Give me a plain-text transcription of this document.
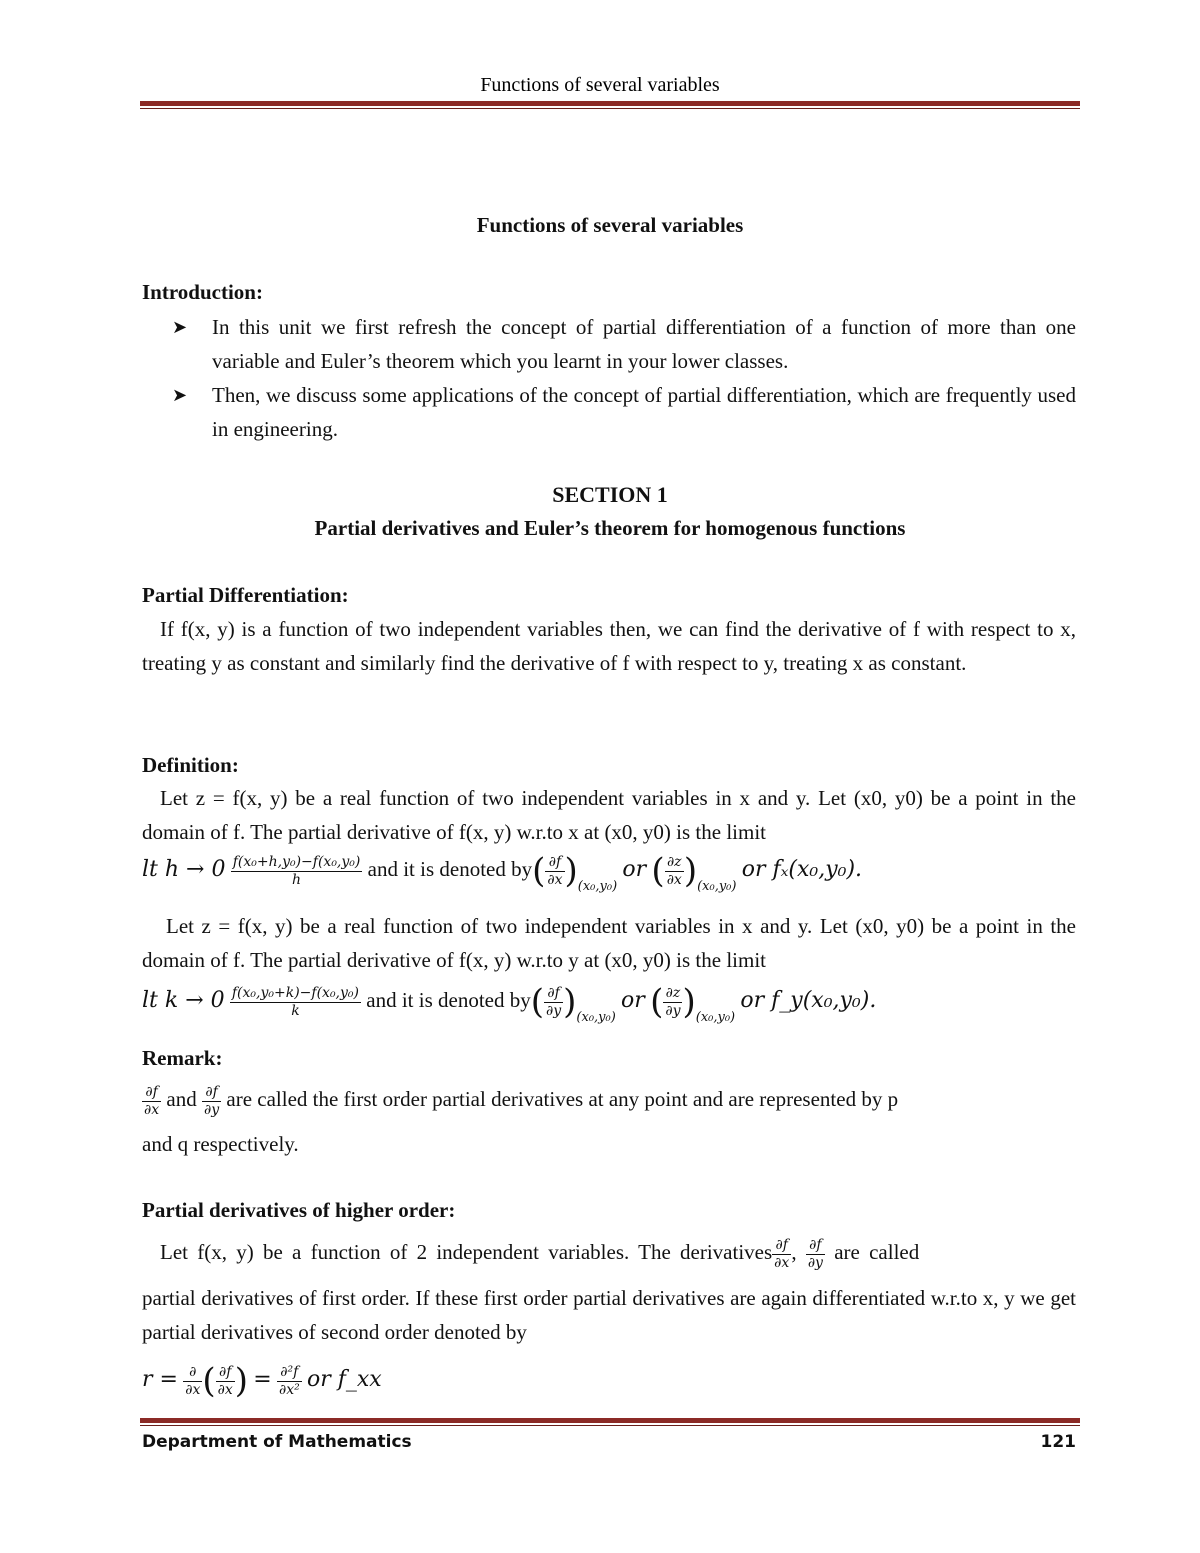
Functions of several variables
Functions of several variables
Introduction:
➤ In this unit we first refresh the concept of partial differentiation of a function of more than one variable and Euler’s theorem which you learnt in your lower classes.
➤ Then, we discuss some applications of the concept of partial differentiation, which are frequently used in engineering.
SECTION 1
Partial derivatives and Euler’s theorem for homogenous functions
Partial Differentiation:
If f(x, y) is a function of two independent variables then, we can find the derivative of f with respect to x, treating y as constant and similarly find the derivative of f with respect to y, treating x as constant.
Definition:
Let z = f(x, y) be a real function of two independent variables in x and y. Let (x0, y0) be a point in the domain of f. The partial derivative of f(x, y) w.r.to x at (x0, y0) is the limit
lt $h \to 0 \frac{\text{f(x₀+h,y₀)−f(x₀,y₀)}}{h}$ and it is denoted $by( \frac{\partial f}{\partial x} )_{(x_0,y_0)}$ or ( $\frac{\partial z}{\partial x} )_{(x_0,y_0)}$ or fₓ(x₀,y₀).
Let z = f(x, y) be a real function of two independent variables in x and y. Let (x0, y0) be a point in the domain of f. The partial derivative of f(x, y) w.r.to y at (x0, y0) is the limit
lt $k \to 0 \frac{\text{f(x₀,y₀+k)−f(x₀,y₀)}}{k}$ and it is denoted $by( \frac{\partial f}{\partial y} )_{(x_0,y_0)}$ or ( $\frac{\partial z}{\partial y} )_{(x_0,y_0)}$ or f_y(x₀,y₀).
Remark:
$\frac{\partial f}{\partial x}$ and $\frac{\partial f}{\partial y}$ are called the first order partial derivatives at any point and are represented by p
and q respectively.
Partial derivatives of higher order:
Let f(x, y) be a function of 2 independent variables. The derivatives $\frac{\partial f}{\partial x}$ , $\frac{\partial f}{\partial y}$ are called
partial derivatives of first order. If these first order partial derivatives are again differentiated w.r.to x, y we get partial derivatives of second order denoted by
$r = \frac{\partial}{\partial x}$ ( $\frac{\partial f}{\partial x}$ ) = $\frac{\text{∂²f}}{\text{∂x²}}$ or f_xx
Department of Mathematics	121
